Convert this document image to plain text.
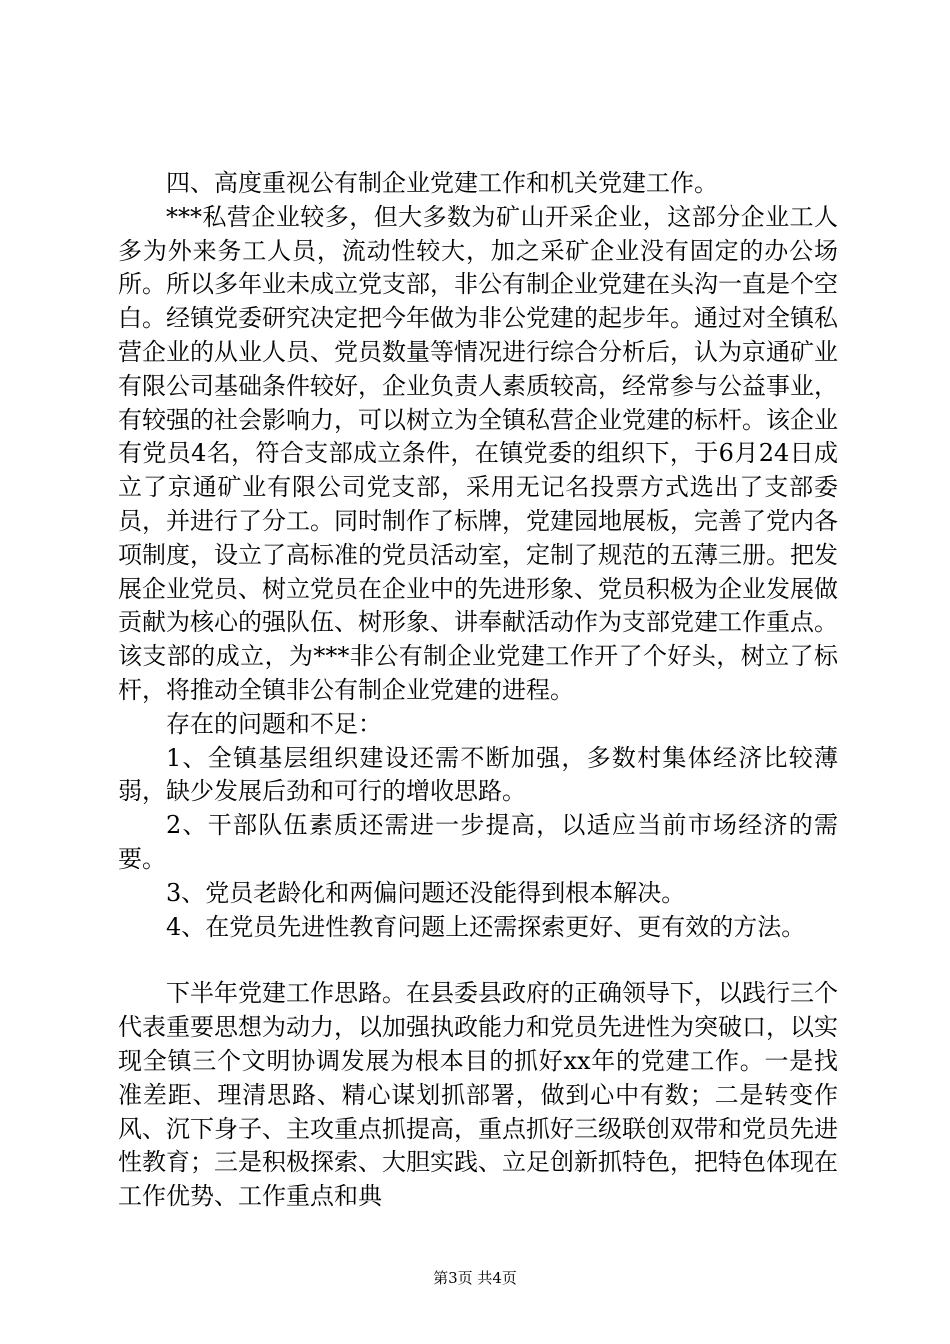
四、高度重视公有制企业党建工作和机关党建工作。

***私营企业较多，但大多数为矿山开采企业，这部分企业工人多为外来务工人员，流动性较大，加之采矿企业没有固定的办公场所。所以多年业未成立党支部，非公有制企业党建在头沟一直是个空白。经镇党委研究决定把今年做为非公党建的起步年。通过对全镇私营企业的从业人员、党员数量等情况进行综合分析后，认为京通矿业有限公司基础条件较好，企业负责人素质较高，经常参与公益事业，有较强的社会影响力，可以树立为全镇私营企业党建的标杆。该企业有党员4名，符合支部成立条件，在镇党委的组织下，于6月24日成立了京通矿业有限公司党支部，采用无记名投票方式选出了支部委员，并进行了分工。同时制作了标牌，党建园地展板，完善了党内各项制度，设立了高标准的党员活动室，定制了规范的五薄三册。把发展企业党员、树立党员在企业中的先进形象、党员积极为企业发展做贡献为核心的强队伍、树形象、讲奉献活动作为支部党建工作重点。该支部的成立，为***非公有制企业党建工作开了个好头，树立了标杆，将推动全镇非公有制企业党建的进程。

存在的问题和不足：

1、全镇基层组织建设还需不断加强，多数村集体经济比较薄弱，缺少发展后劲和可行的增收思路。

2、干部队伍素质还需进一步提高，以适应当前市场经济的需要。

3、党员老龄化和两偏问题还没能得到根本解决。

4、在党员先进性教育问题上还需探索更好、更有效的方法。

下半年党建工作思路。在县委县政府的正确领导下，以践行三个代表重要思想为动力，以加强执政能力和党员先进性为突破口，以实现全镇三个文明协调发展为根本目的抓好xx年的党建工作。一是找准差距、理清思路、精心谋划抓部署，做到心中有数；二是转变作风、沉下身子、主攻重点抓提高，重点抓好三级联创双带和党员先进性教育；三是积极探索、大胆实践、立足创新抓特色，把特色体现在工作优势、工作重点和典

第3页 共4页
